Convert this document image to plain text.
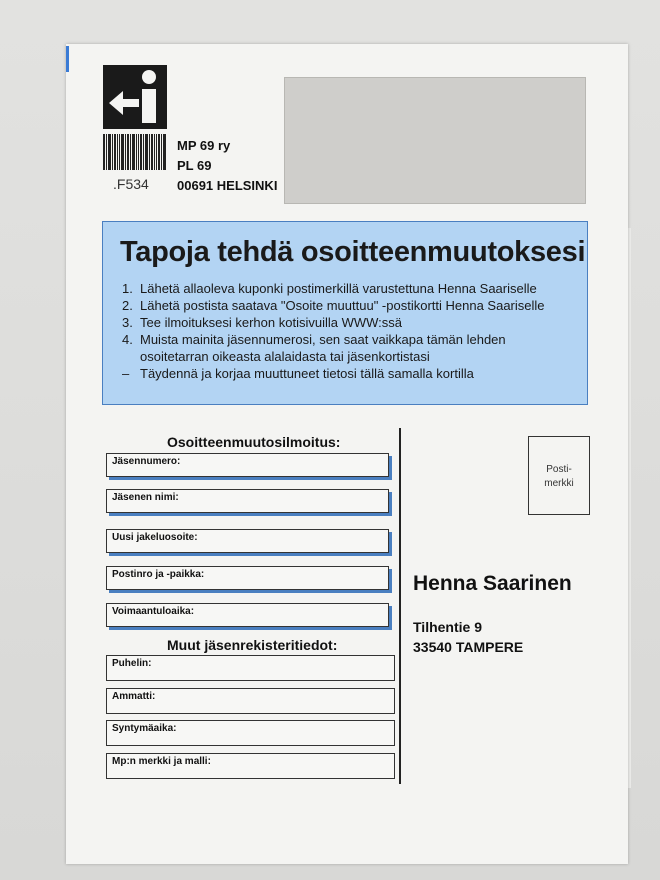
.F534
MP 69 ry
PL 69
00691 HELSINKI
Tapoja tehdä osoitteenmuutoksesi
1. Lähetä allaoleva kuponki postimerkillä varustettuna Henna Saariselle
2. Lähetä postista saatava "Osoite muuttuu" -postikortti Henna Saariselle
3. Tee ilmoituksesi kerhon kotisivuilla WWW:ssä
4. Muista mainita jäsennumerosi, sen saat vaikkapa tämän lehden
osoitetarran oikeasta alalaidasta tai jäsenkortistasi
– Täydennä ja korjaa muuttuneet tietosi tällä samalla kortilla
Osoitteenmuutosilmoitus:
Jäsennumero:
Jäsenen nimi:
Uusi jakeluosoite:
Postinro ja -paikka:
Voimaantuloaika:
Muut jäsenrekisteritiedot:
Puhelin:
Ammatti:
Syntymäaika:
Mp:n merkki ja malli:
Posti-
merkki
Henna Saarinen
Tilhentie 9
33540 TAMPERE
